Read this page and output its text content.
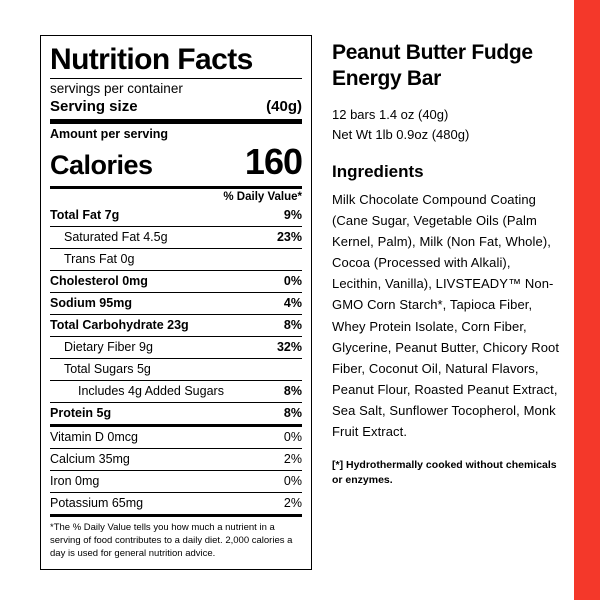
Nutrition Facts
servings per container
Serving size	(40g)
Amount per serving
Calories	160
% Daily Value*
Total Fat 7g	9%
Saturated Fat 4.5g	23%
Trans Fat 0g
Cholesterol 0mg	0%
Sodium 95mg	4%
Total Carbohydrate 23g	8%
Dietary Fiber 9g	32%
Total Sugars 5g
Includes 4g Added Sugars	8%
Protein 5g	8%
Vitamin D 0mcg	0%
Calcium 35mg	2%
Iron 0mg	0%
Potassium 65mg	2%
*The % Daily Value tells you how much a nutrient in a serving of food contributes to a daily diet. 2,000 calories a day is used for general nutrition advice.
Peanut Butter Fudge Energy Bar
12 bars 1.4 oz (40g)
Net Wt 1lb 0.9oz (480g)
Ingredients
Milk Chocolate Compound Coating (Cane Sugar, Vegetable Oils (Palm Kernel, Palm), Milk (Non Fat, Whole), Cocoa (Processed with Alkali), Lecithin, Vanilla), LIVSTEADY™ Non-GMO Corn Starch*, Tapioca Fiber, Whey Protein Isolate, Corn Fiber, Glycerine, Peanut Butter, Chicory Root Fiber, Coconut Oil, Natural Flavors, Peanut Flour, Roasted Peanut Extract, Sea Salt, Sunflower Tocopherol, Monk Fruit Extract.
[*] Hydrothermally cooked without chemicals or enzymes.
